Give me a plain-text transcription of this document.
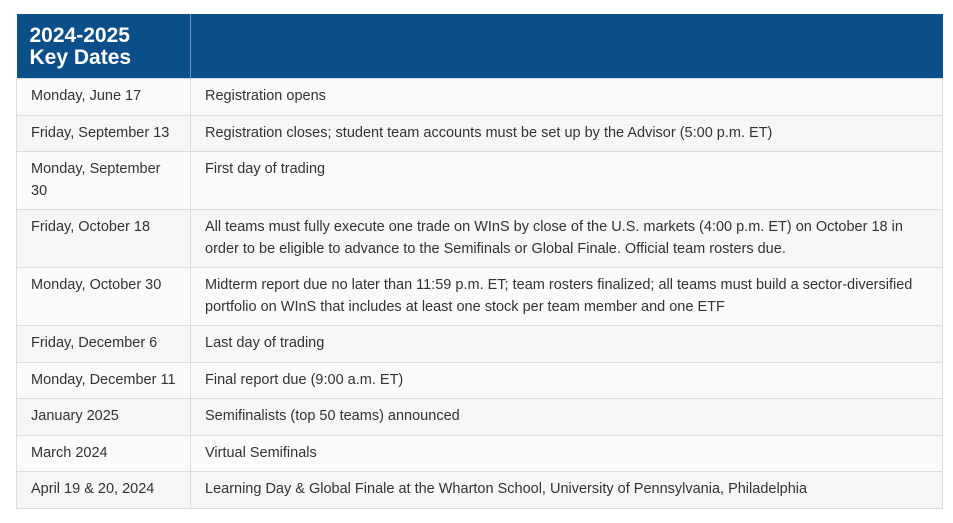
2024-2025
Key Dates	

Monday, June 17	Registration opens
Friday, September 13	Registration closes; student team accounts must be set up by the Advisor (5:00 p.m. ET)
Monday, September 30	First day of trading
Friday, October 18	All teams must fully execute one trade on WInS by close of the U.S. markets (4:00 p.m. ET) on October 18 in order to be eligible to advance to the Semifinals or Global Finale. Official team rosters due.
Monday, October 30	Midterm report due no later than 11:59 p.m. ET; team rosters finalized; all teams must build a sector-diversified portfolio on WInS that includes at least one stock per team member and one ETF
Friday, December 6	Last day of trading
Monday, December 11	Final report due (9:00 a.m. ET)
January 2025	Semifinalists (top 50 teams) announced
March 2024	Virtual Semifinals
April 19 & 20, 2024	Learning Day & Global Finale at the Wharton School, University of Pennsylvania, Philadelphia
